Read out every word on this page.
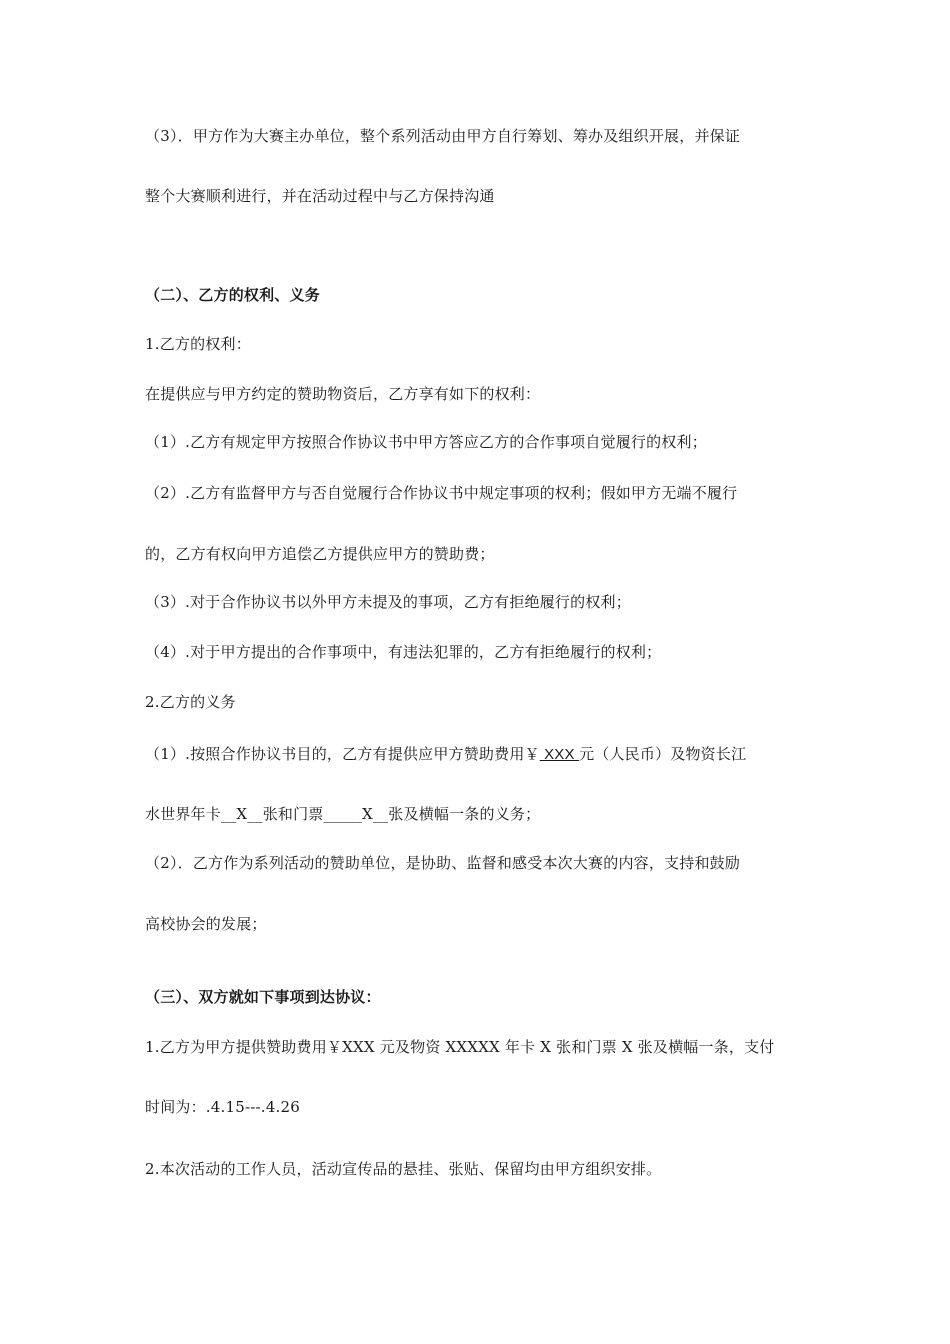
（3）．甲方作为大赛主办单位，整个系列活动由甲方自行筹划、筹办及组织开展，并保证
整个大赛顺利进行，并在活动过程中与乙方保持沟通
（二）、乙方的权利、义务
1.乙方的权利：
在提供应与甲方约定的赞助物资后，乙方享有如下的权利：
（1）.乙方有规定甲方按照合作协议书中甲方答应乙方的合作事项自觉履行的权利；
（2）.乙方有监督甲方与否自觉履行合作协议书中规定事项的权利；假如甲方无端不履行
的，乙方有权向甲方追偿乙方提供应甲方的赞助费；
（3）.对于合作协议书以外甲方未提及的事项，乙方有拒绝履行的权利；
（4）.对于甲方提出的合作事项中，有违法犯罪的，乙方有拒绝履行的权利；
2.乙方的义务
（1）.按照合作协议书目的，乙方有提供应甲方赞助费用￥ XXX 元（人民币）及物资长江
水世界年卡__X__张和门票_____X__张及横幅一条的义务；
（2）．乙方作为系列活动的赞助单位，是协助、监督和感受本次大赛的内容，支持和鼓励
高校协会的发展；
（三）、双方就如下事项到达协议：
1.乙方为甲方提供赞助费用￥XXX 元及物资 XXXXX 年卡 X 张和门票 X 张及横幅一条，支付
时间为：.4.15---.4.26
2.本次活动的工作人员，活动宣传品的悬挂、张贴、保留均由甲方组织安排。
